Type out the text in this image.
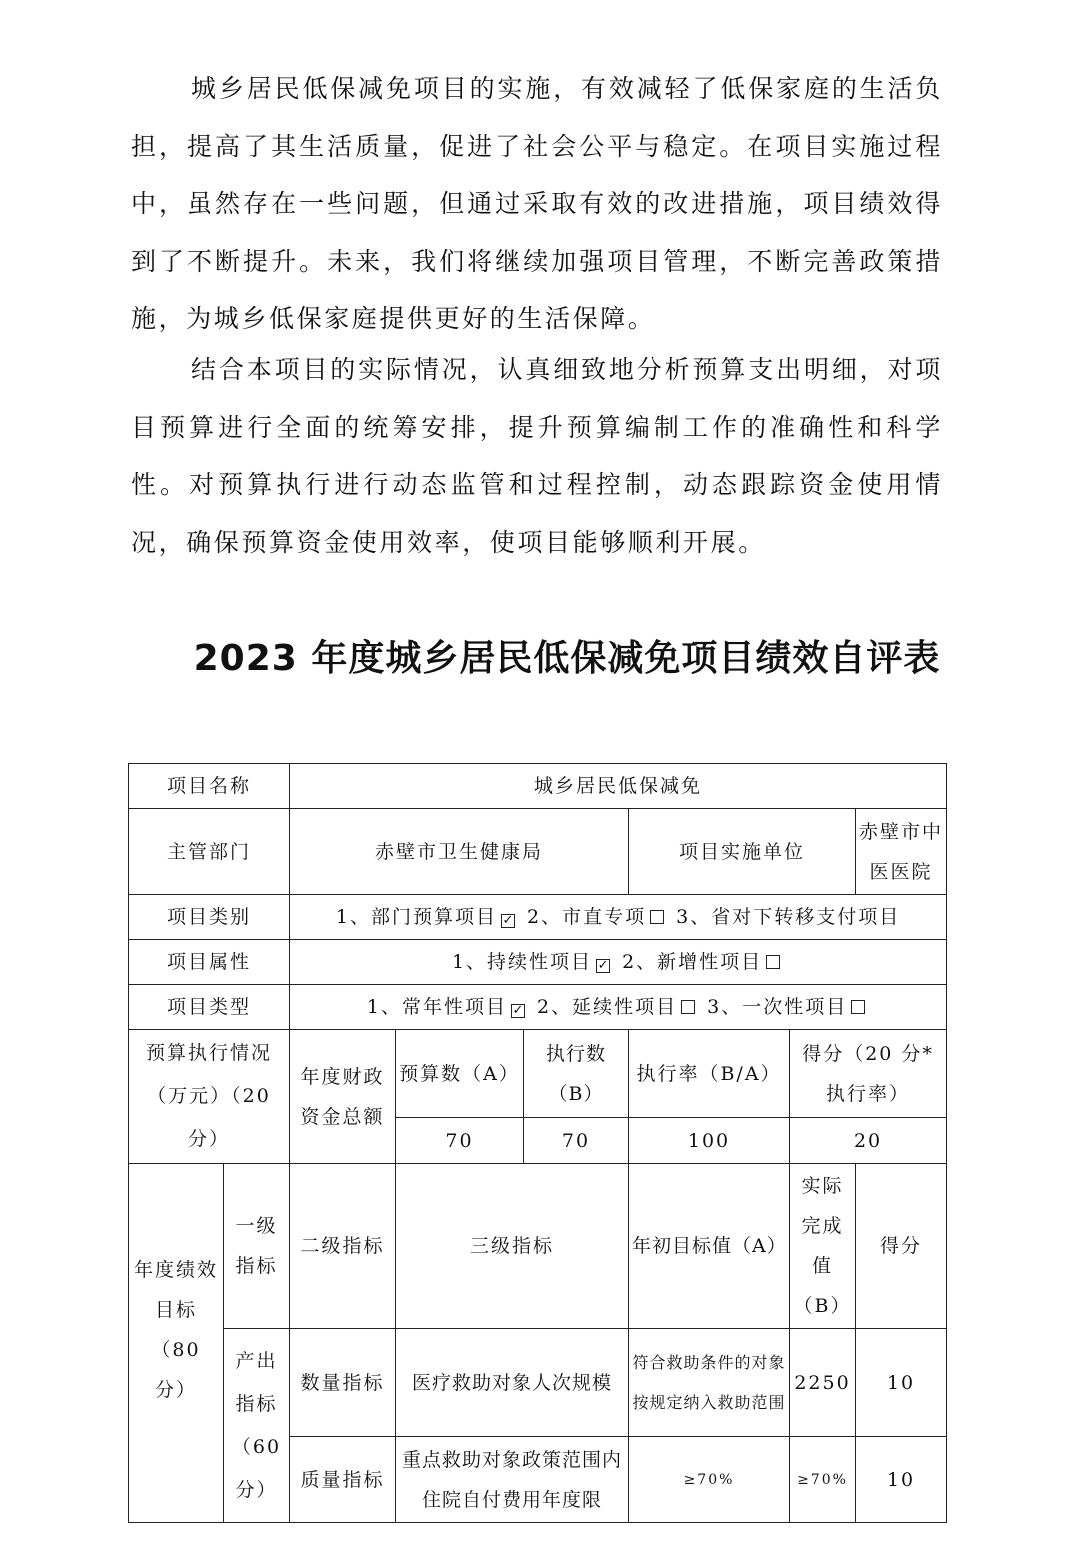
城乡居民低保减免项目的实施，有效减轻了低保家庭的生活负担，提高了其生活质量，促进了社会公平与稳定。在项目实施过程中，虽然存在一些问题，但通过采取有效的改进措施，项目绩效得到了不断提升。未来，我们将继续加强项目管理，不断完善政策措施，为城乡低保家庭提供更好的生活保障。

结合本项目的实际情况，认真细致地分析预算支出明细，对项目预算进行全面的统筹安排，提升预算编制工作的准确性和科学性。对预算执行进行动态监管和过程控制，动态跟踪资金使用情况，确保预算资金使用效率，使项目能够顺利开展。

2023 年度城乡居民低保减免项目绩效自评表
项目名称		城乡居民低保减免					
主管部门		赤壁市卫生健康局			项目实施单位		赤壁市中医医院
项目类别		1、部门预算项目 ✓ 2、市直专项 3、省对下转移支付项目					
项目属性		1、持续性项目 ✓ 2、新增性项目					
项目类型		1、常年性项目 ✓ 2、延续性项目 3、一次性项目					
预算执行情况（万元）（20 分）		年度财政资金总额	预算数（A）	执行数（B）	执行率（B/A）	得分（20 分*执行率）	
			70	70	100	20	
年度绩效目标（80 分）	一级指标	二级指标	三级指标		年初目标值（A）	实际完成值（B）	得分
	产出指标（60 分）	数量指标	医疗救助对象人次规模		符合救助条件的对象按规定纳入救助范围	2250	10
		质量指标	重点救助对象政策范围内住院自付费用年度限		≥70%	≥70%	10
